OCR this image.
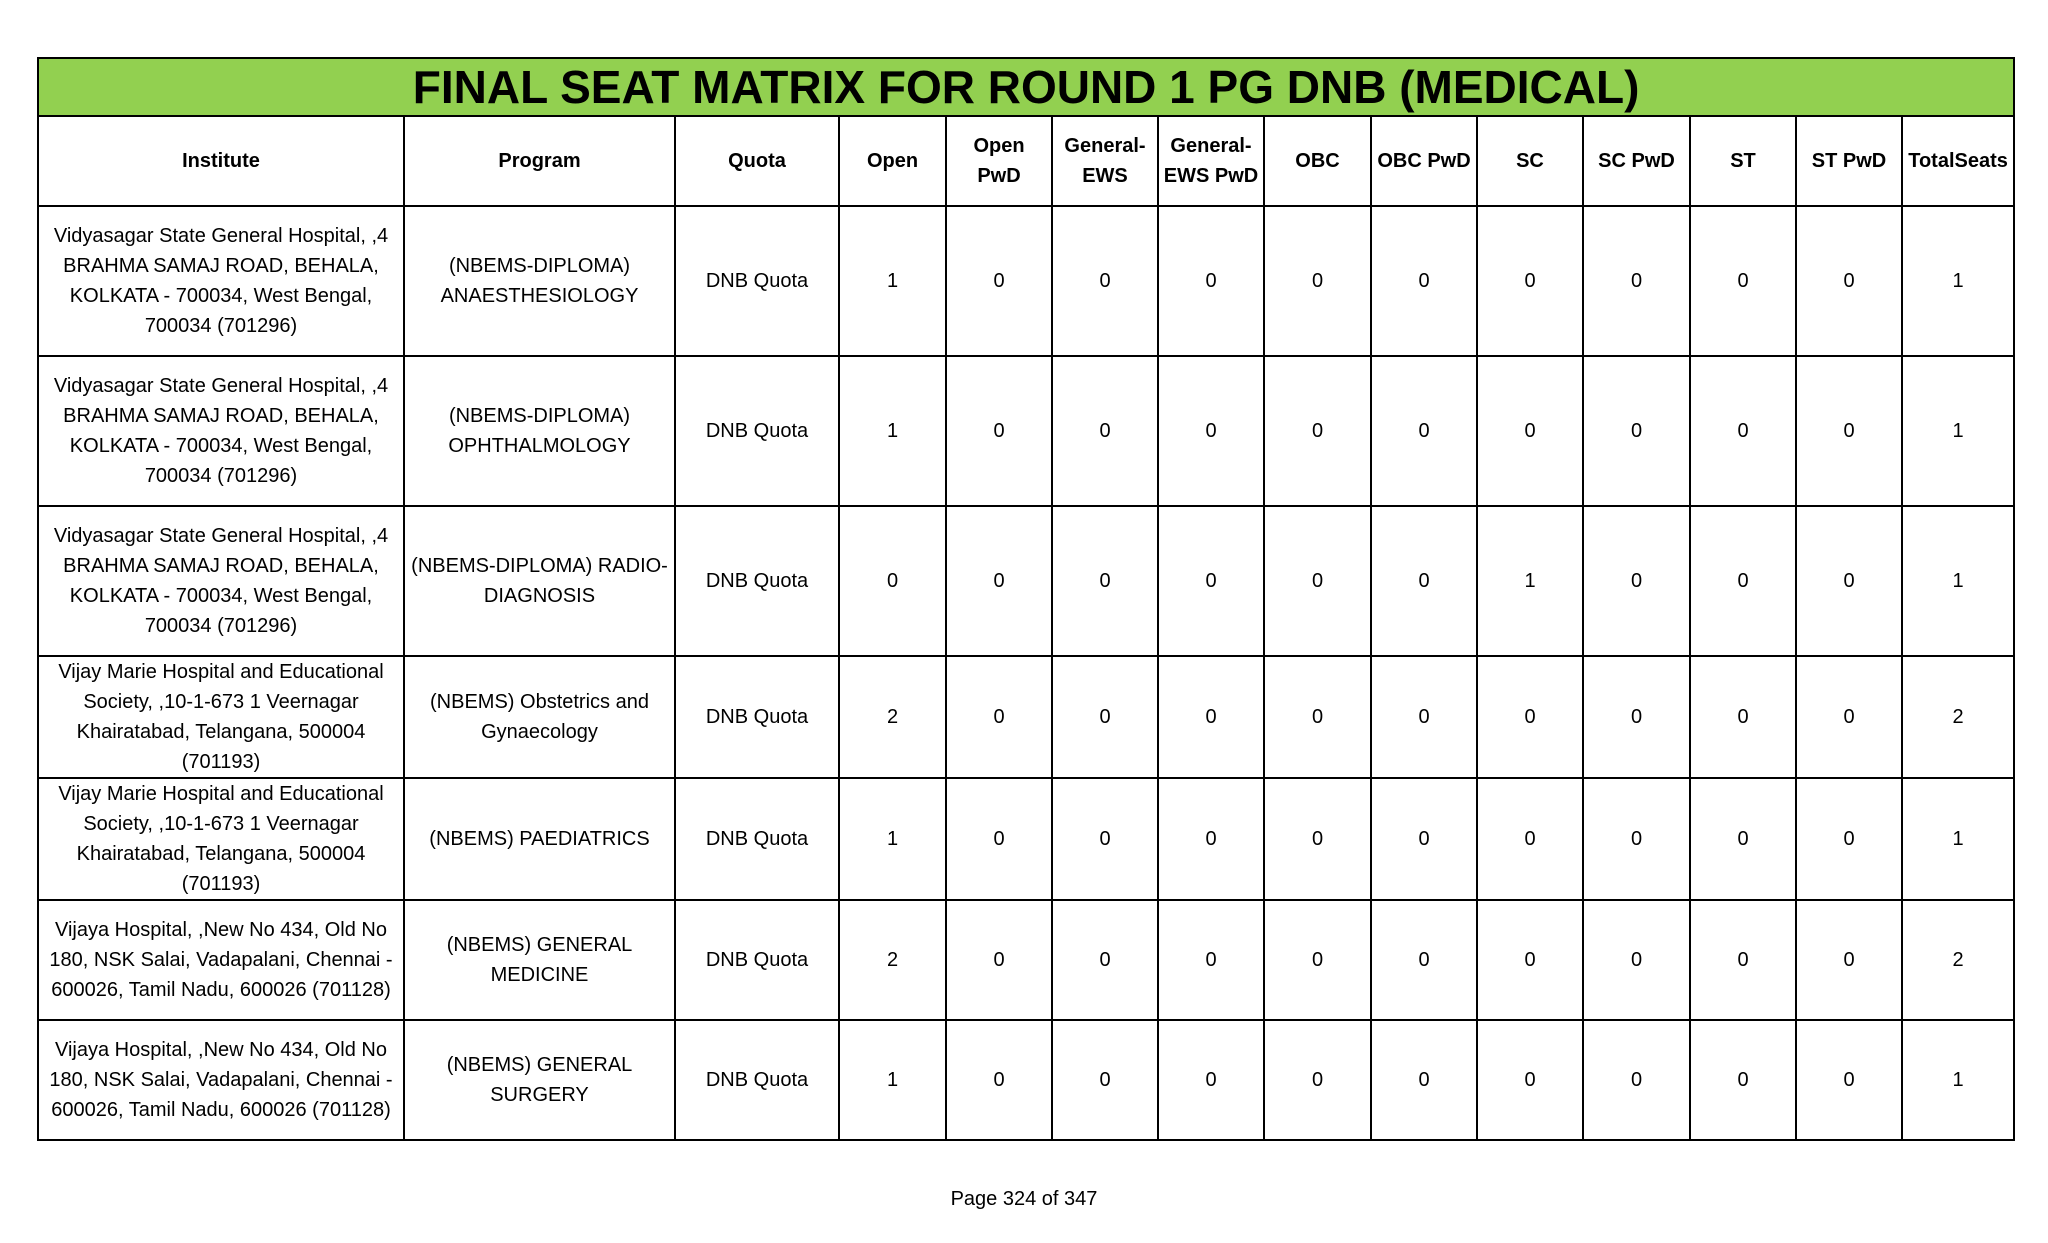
FINAL SEAT MATRIX FOR ROUND 1 PG DNB (MEDICAL)													
Institute	Program	Quota	Open	Open PwD	General-EWS	General-EWS PwD	OBC	OBC PwD	SC	SC PwD	ST	ST PwD	TotalSeats
Vidyasagar State General Hospital, ,4 BRAHMA SAMAJ ROAD, BEHALA, KOLKATA - 700034, West Bengal, 700034 (701296)	(NBEMS-DIPLOMA) ANAESTHESIOLOGY	DNB Quota	1	0	0	0	0	0	0	0	0	0	1
Vidyasagar State General Hospital, ,4 BRAHMA SAMAJ ROAD, BEHALA, KOLKATA - 700034, West Bengal, 700034 (701296)	(NBEMS-DIPLOMA) OPHTHALMOLOGY	DNB Quota	1	0	0	0	0	0	0	0	0	0	1
Vidyasagar State General Hospital, ,4 BRAHMA SAMAJ ROAD, BEHALA, KOLKATA - 700034, West Bengal, 700034 (701296)	(NBEMS-DIPLOMA) RADIO-DIAGNOSIS	DNB Quota	0	0	0	0	0	0	1	0	0	0	1
Vijay Marie Hospital and Educational Society, ,10-1-673 1 Veernagar Khairatabad, Telangana, 500004 (701193)	(NBEMS) Obstetrics and Gynaecology	DNB Quota	2	0	0	0	0	0	0	0	0	0	2
Vijay Marie Hospital and Educational Society, ,10-1-673 1 Veernagar Khairatabad, Telangana, 500004 (701193)	(NBEMS) PAEDIATRICS	DNB Quota	1	0	0	0	0	0	0	0	0	0	1
Vijaya Hospital, ,New No 434, Old No 180, NSK Salai, Vadapalani, Chennai - 600026, Tamil Nadu, 600026 (701128)	(NBEMS) GENERAL MEDICINE	DNB Quota	2	0	0	0	0	0	0	0	0	0	2
Vijaya Hospital, ,New No 434, Old No 180, NSK Salai, Vadapalani, Chennai - 600026, Tamil Nadu, 600026 (701128)	(NBEMS) GENERAL SURGERY	DNB Quota	1	0	0	0	0	0	0	0	0	0	1
Page 324 of 347
